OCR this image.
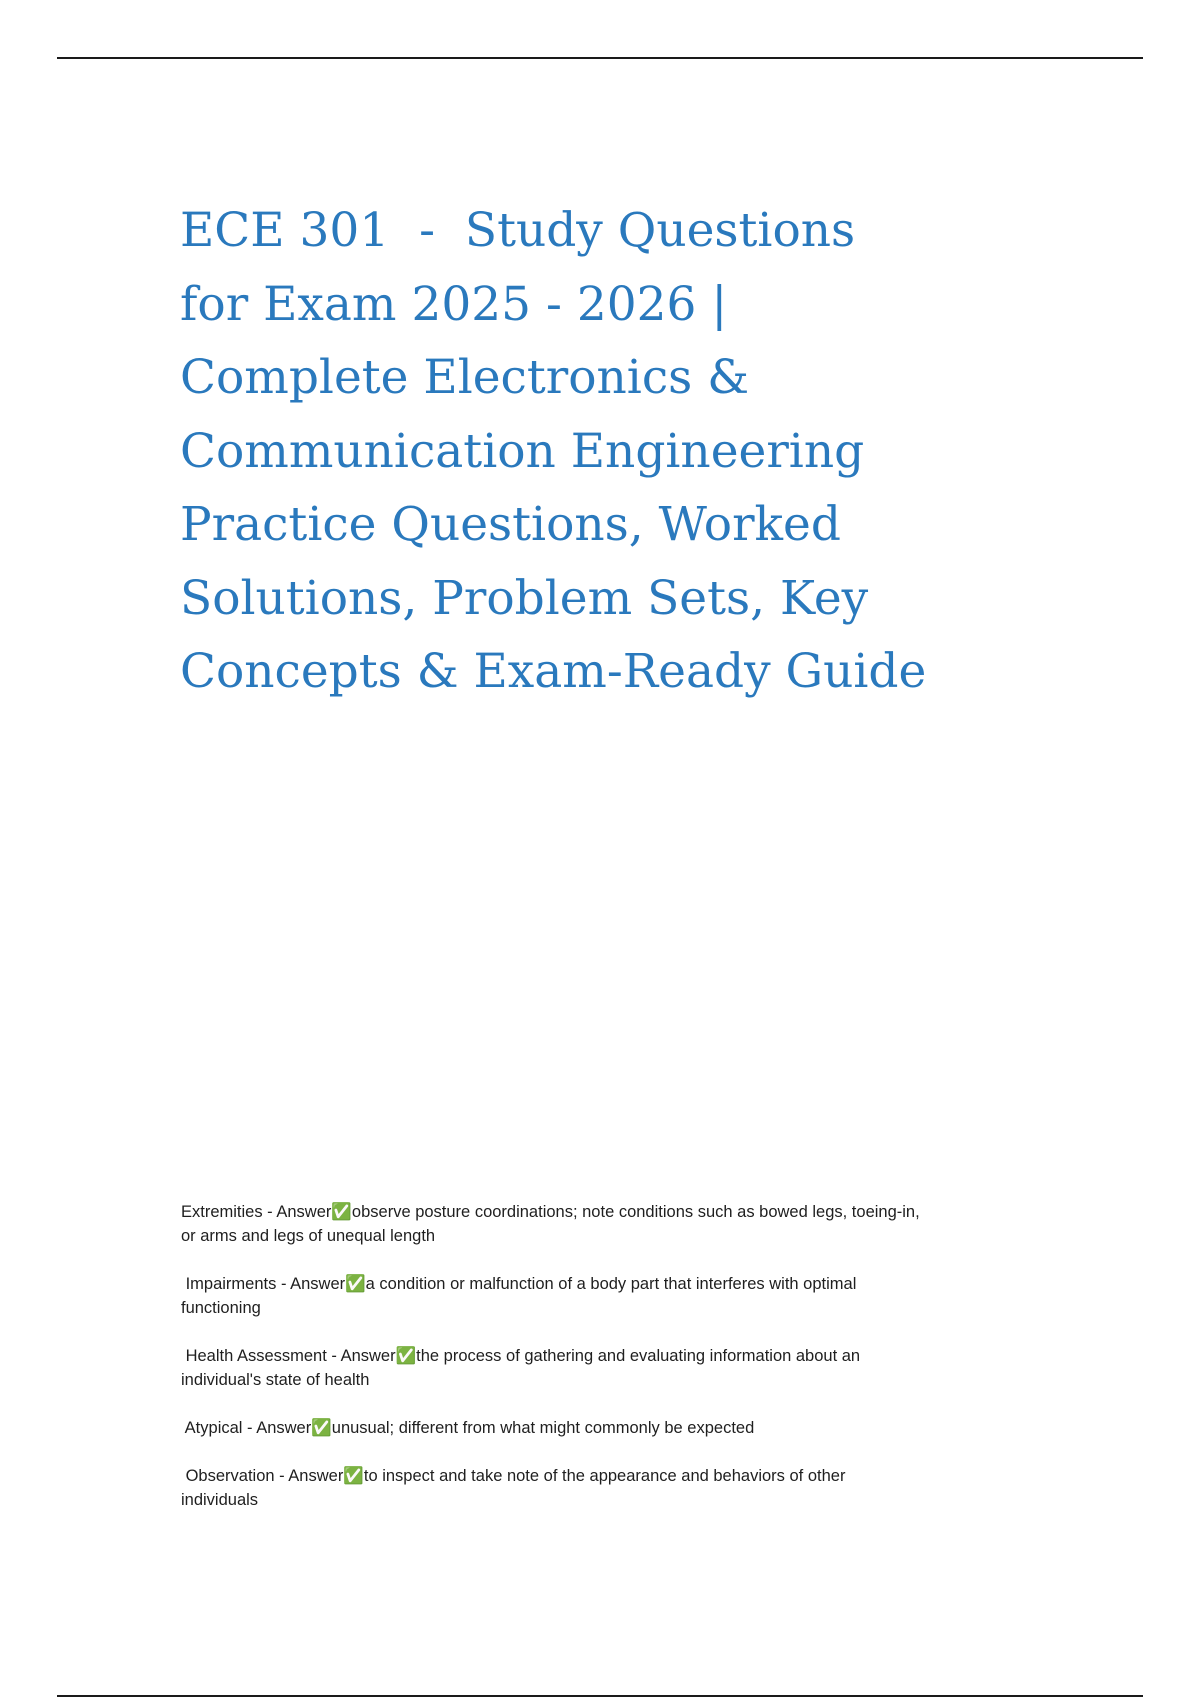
ECE 301  -  Study Questions
for Exam 2025 - 2026 |
Complete Electronics &
Communication Engineering
Practice Questions, Worked
Solutions, Problem Sets, Key
Concepts & Exam-Ready Guide
Extremities - Answer✅observe posture coordinations; note conditions such as bowed legs, toeing-in,
or arms and legs of unequal length
Impairments - Answer✅a condition or malfunction of a body part that interferes with optimal
functioning
Health Assessment - Answer✅the process of gathering and evaluating information about an
individual's state of health
Atypical - Answer✅unusual; different from what might commonly be expected
Observation - Answer✅to inspect and take note of the appearance and behaviors of other
individuals
